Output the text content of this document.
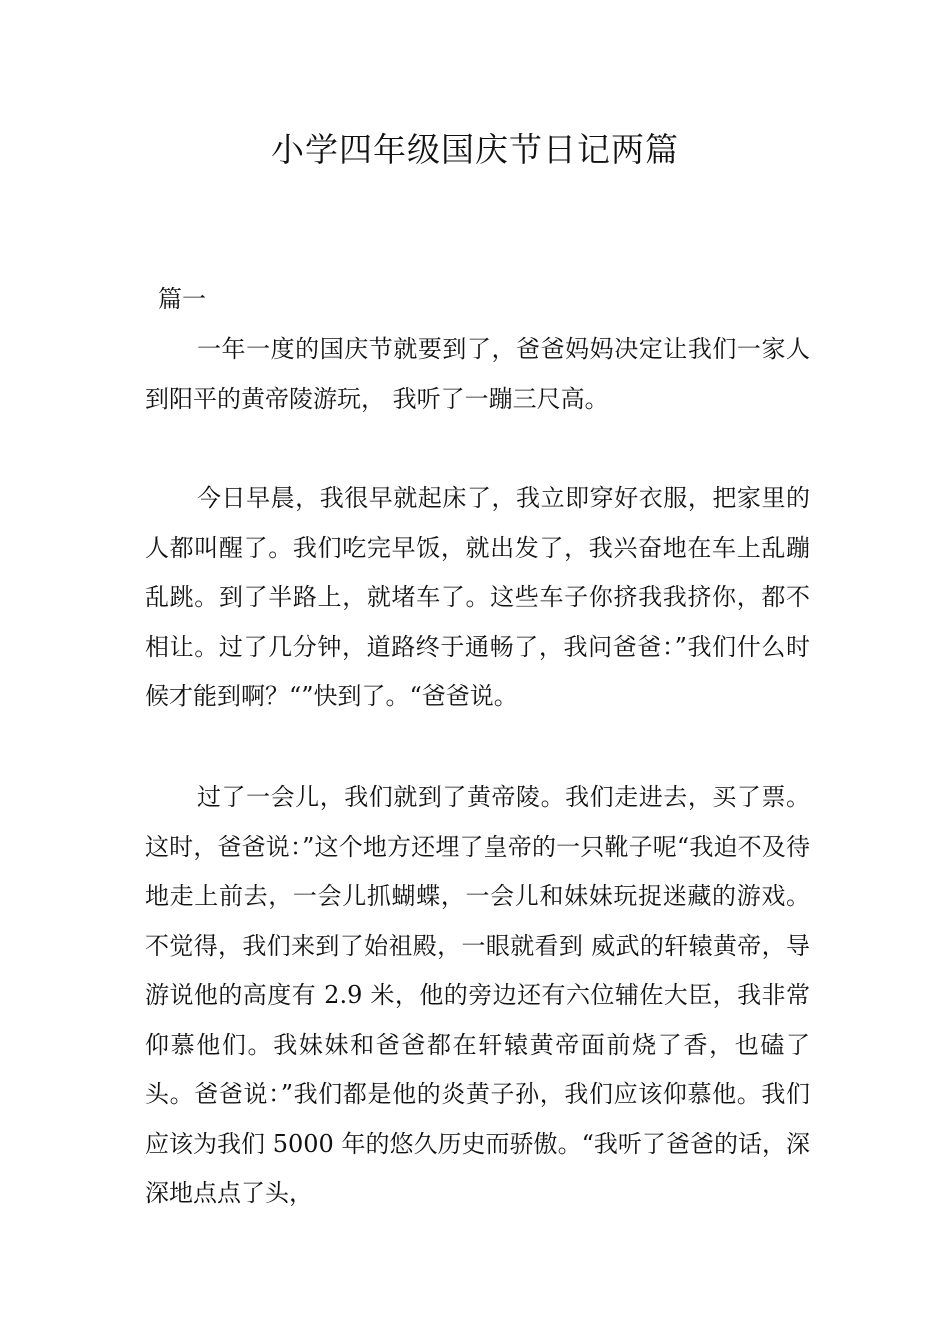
小学四年级国庆节日记两篇

篇一

一年一度的国庆节就要到了，爸爸妈妈决定让我们一家人到阳平的黄帝陵游玩， 我听了一蹦三尺高。

今日早晨，我很早就起床了，我立即穿好衣服，把家里的人都叫醒了。我们吃完早饭，就出发了，我兴奋地在车上乱蹦乱跳。到了半路上，就堵车了。这些车子你挤我我挤你，都不相让。过了几分钟，道路终于通畅了，我问爸爸：”我们什么时候才能到啊？“”快到了。“爸爸说。

过了一会儿，我们就到了黄帝陵。我们走进去，买了票。这时，爸爸说：”这个地方还埋了皇帝的一只靴子呢“我迫不及待地走上前去，一会儿抓蝴蝶，一会儿和妹妹玩捉迷藏的游戏。不觉得，我们来到了始祖殿，一眼就看到 威武的轩辕黄帝，导游说他的高度有 2.9 米，他的旁边还有六位辅佐大臣，我非常仰慕他们。我妹妹和爸爸都在轩辕黄帝面前烧了香，也磕了头。爸爸说：”我们都是他的炎黄子孙，我们应该仰慕他。我们应该为我们 5000 年的悠久历史而骄傲。“我听了爸爸的话，深深地点点了头，
